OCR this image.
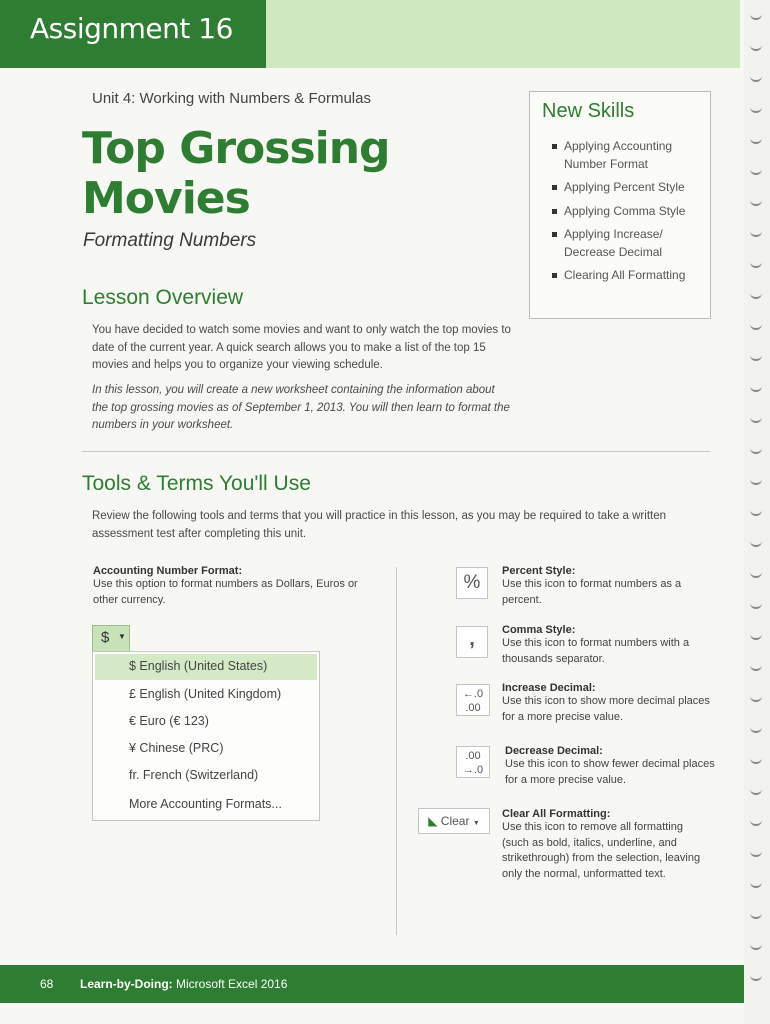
Assignment 16
Unit 4: Working with Numbers & Formulas
Top Grossing
Movies
Formatting Numbers
New Skills
Applying Accounting Number Format
Applying Percent Style
Applying Comma Style
Applying Increase/ Decrease Decimal
Clearing All Formatting
Lesson Overview
You have decided to watch some movies and want to only watch the top movies to date of the current year. A quick search allows you to make a list of the top 15 movies and helps you to organize your viewing schedule.
In this lesson, you will create a new worksheet containing the information about the top grossing movies as of September 1, 2013. You will then learn to format the numbers in your worksheet.
Tools & Terms You'll Use
Review the following tools and terms that you will practice in this lesson, as you may be required to take a written assessment test after completing this unit.
Accounting Number Format:
Use this option to format numbers as Dollars, Euros or other currency.
$ ▼
$ English (United States)
£ English (United Kingdom)
€ Euro (€ 123)
¥ Chinese (PRC)
fr. French (Switzerland)
More Accounting Formats...
%
Percent Style:
Use this icon to format numbers as a percent.
,	Comma Style:
Use this icon to format numbers with a thousands separator.
←.0
.00
Increase Decimal:
Use this icon to show more decimal places for a more precise value.
.00
→.0
Decrease Decimal:
Use this icon to show fewer decimal places for a more precise value.
◣ Clear ▼
Clear All Formatting:
Use this icon to remove all formatting (such as bold, italics, underline, and strikethrough) from the selection, leaving only the normal, unformatted text.
68 Learn-by-Doing: Microsoft Excel 2016
